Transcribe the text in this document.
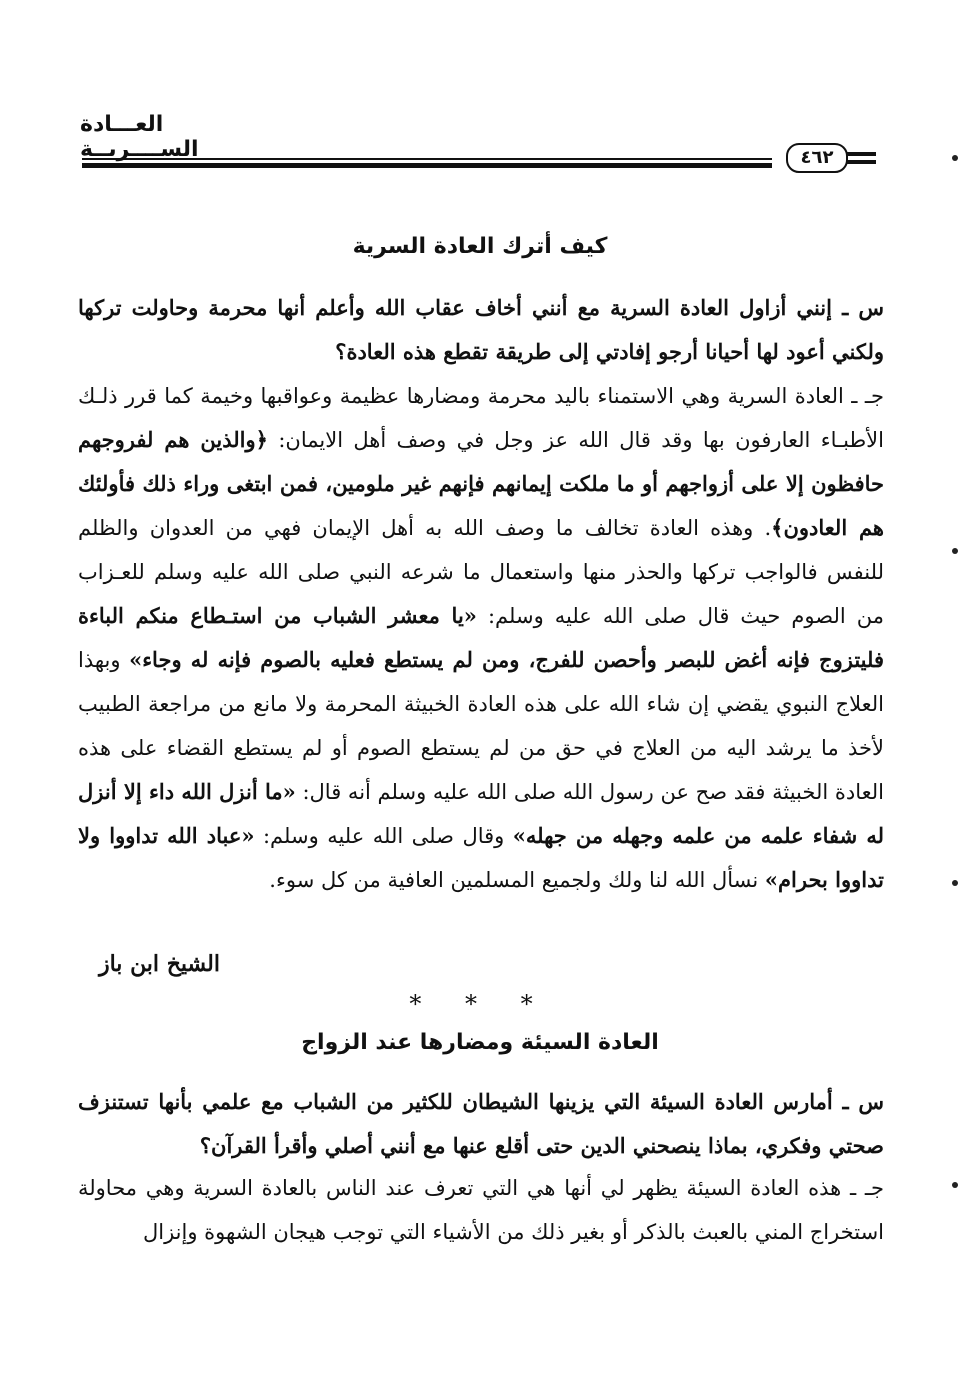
العـــادة الســــريــة	٤٦٢
كيف أترك العادة السرية
س ـ إنني أزاول العادة السرية مع أنني أخاف عقاب الله وأعلم أنها محرمة وحاولت تركها ولكني أعود لها أحيانا أرجو إفادتي إلى طريقة تقطع هذه العادة؟
جـ ـ العادة السرية وهي الاستمناء باليد محرمة ومضارها عظيمة وعواقبها وخيمة كما قرر ذلـك الأطبـاء العارفون بها وقد قال الله عز وجل في وصف أهل الايمان: ﴿والذين هم لفروجهم حافظون إلا على أزواجهم أو ما ملكت إيمانهم فإنهم غير ملومين، فمن ابتغى وراء ذلك فأولئك هم العادون﴾. وهذه العادة تخالف ما وصف الله به أهل الإيمان فهي من العدوان والظلم للنفس فالواجب تركها والحذر منها واستعمال ما شرعه النبي صلى الله عليه وسلم للعـزاب من الصوم حيث قال صلى الله عليه وسلم: «يا معشر الشباب من استـطاع منكم الباءة فليتزوج فإنه أغض للبصر وأحصن للفرج، ومن لم يستطع فعليه بالصوم فإنه له وجاء» وبهذا العلاج النبوي يقضي إن شاء الله على هذه العادة الخبيثة المحرمة ولا مانع من مراجعة الطبيب لأخذ ما يرشد اليه من العلاج في حق من لم يستطع الصوم أو لم يستطع القضاء على هذه العادة الخبيثة فقد صح عن رسول الله صلى الله عليه وسلم أنه قال: «ما أنزل الله داء إلا أنزل له شفاء علمه من علمه وجهله من جهله» وقال صلى الله عليه وسلم: «عباد الله تداووا ولا تداووا بحرام» نسأل الله لنا ولك ولجميع المسلمين العافية من كل سوء.
الشيخ ابن باز
* * *
العادة السيئة ومضارها عند الزواج
س ـ أمارس العادة السيئة التي يزينها الشيطان للكثير من الشباب مع علمي بأنها تستنزف صحتي وفكري، بماذا ينصحني الدين حتى أقلع عنها مع أنني أصلي وأقرأ القرآن؟
جـ ـ هذه العادة السيئة يظهر لي أنها هي التي تعرف عند الناس بالعادة السرية وهي محاولة استخراج المني بالعبث بالذكر أو بغير ذلك من الأشياء التي توجب هيجان الشهوة وإنزال
